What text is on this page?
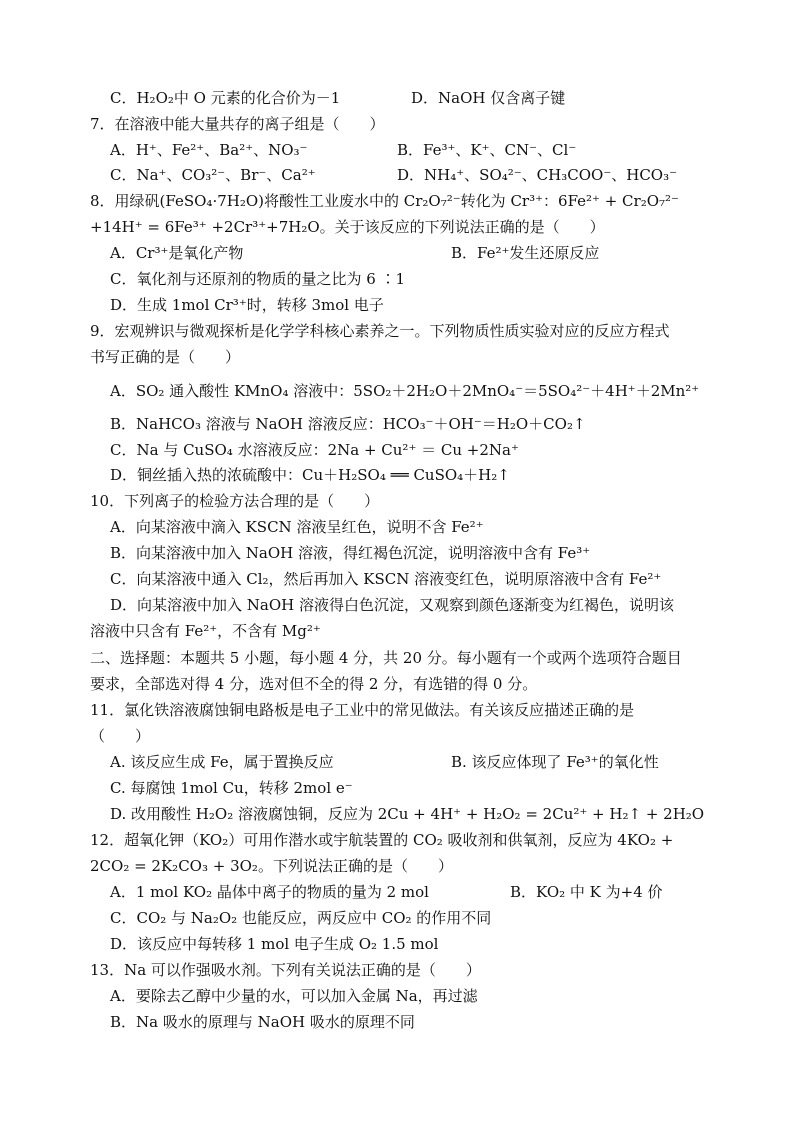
C．H₂O₂中 O 元素的化合价为－1	D．NaOH 仅含离子键
7．在溶液中能大量共存的离子组是（　　）
A．H⁺、Fe²⁺、Ba²⁺、NO₃⁻	B．Fe³⁺、K⁺、CN⁻、Cl⁻
C．Na⁺、CO₃²⁻、Br⁻、Ca²⁺	D．NH₄⁺、SO₄²⁻、CH₃COO⁻、HCO₃⁻
8．用绿矾(FeSO₄·7H₂O)将酸性工业废水中的 Cr₂O₇²⁻转化为 Cr³⁺：6Fe²⁺ + Cr₂O₇²⁻
+14H⁺ = 6Fe³⁺ +2Cr³⁺+7H₂O。关于该反应的下列说法正确的是（　　）
A．Cr³⁺是氧化产物	B．Fe²⁺发生还原反应
C．氧化剂与还原剂的物质的量之比为 6 ∶1
D．生成 1mol Cr³⁺时，转移 3mol 电子
9．宏观辨识与微观探析是化学学科核心素养之一。下列物质性质实验对应的反应方程式
书写正确的是（　　）
A．SO₂ 通入酸性 KMnO₄ 溶液中：5SO₂＋2H₂O＋2MnO₄⁻＝5SO₄²⁻＋4H⁺＋2Mn²⁺
B．NaHCO₃ 溶液与 NaOH 溶液反应：HCO₃⁻＋OH⁻＝H₂O＋CO₂↑
C．Na 与 CuSO₄ 水溶液反应：2Na + Cu²⁺ ＝ Cu +2Na⁺
D．铜丝插入热的浓硫酸中：Cu＋H₂SO₄ ══ CuSO₄＋H₂↑
10．下列离子的检验方法合理的是（　　）
A．向某溶液中滴入 KSCN 溶液呈红色，说明不含 Fe²⁺
B．向某溶液中加入 NaOH 溶液，得红褐色沉淀，说明溶液中含有 Fe³⁺
C．向某溶液中通入 Cl₂，然后再加入 KSCN 溶液变红色，说明原溶液中含有 Fe²⁺
D．向某溶液中加入 NaOH 溶液得白色沉淀，又观察到颜色逐渐变为红褐色，说明该
溶液中只含有 Fe²⁺，不含有 Mg²⁺
二、选择题：本题共 5 小题，每小题 4 分，共 20 分。每小题有一个或两个选项符合题目
要求，全部选对得 4 分，选对但不全的得 2 分，有选错的得 0 分。
11．氯化铁溶液腐蚀铜电路板是电子工业中的常见做法。有关该反应描述正确的是
（　　）
A. 该反应生成 Fe，属于置换反应	B. 该反应体现了 Fe³⁺的氧化性
C. 每腐蚀 1mol Cu，转移 2mol e⁻
D. 改用酸性 H₂O₂ 溶液腐蚀铜，反应为 2Cu + 4H⁺ + H₂O₂ = 2Cu²⁺ + H₂↑ + 2H₂O
12．超氧化钾（KO₂）可用作潜水或宇航装置的 CO₂ 吸收剂和供氧剂，反应为 4KO₂ +
2CO₂ = 2K₂CO₃ + 3O₂。下列说法正确的是（　　）
A．1 mol KO₂ 晶体中离子的物质的量为 2 mol	B．KO₂ 中 K 为+4 价
C．CO₂ 与 Na₂O₂ 也能反应，两反应中 CO₂ 的作用不同
D．该反应中每转移 1 mol 电子生成 O₂ 1.5 mol
13．Na 可以作强吸水剂。下列有关说法正确的是（　　）
A．要除去乙醇中少量的水，可以加入金属 Na，再过滤
B．Na 吸水的原理与 NaOH 吸水的原理不同
